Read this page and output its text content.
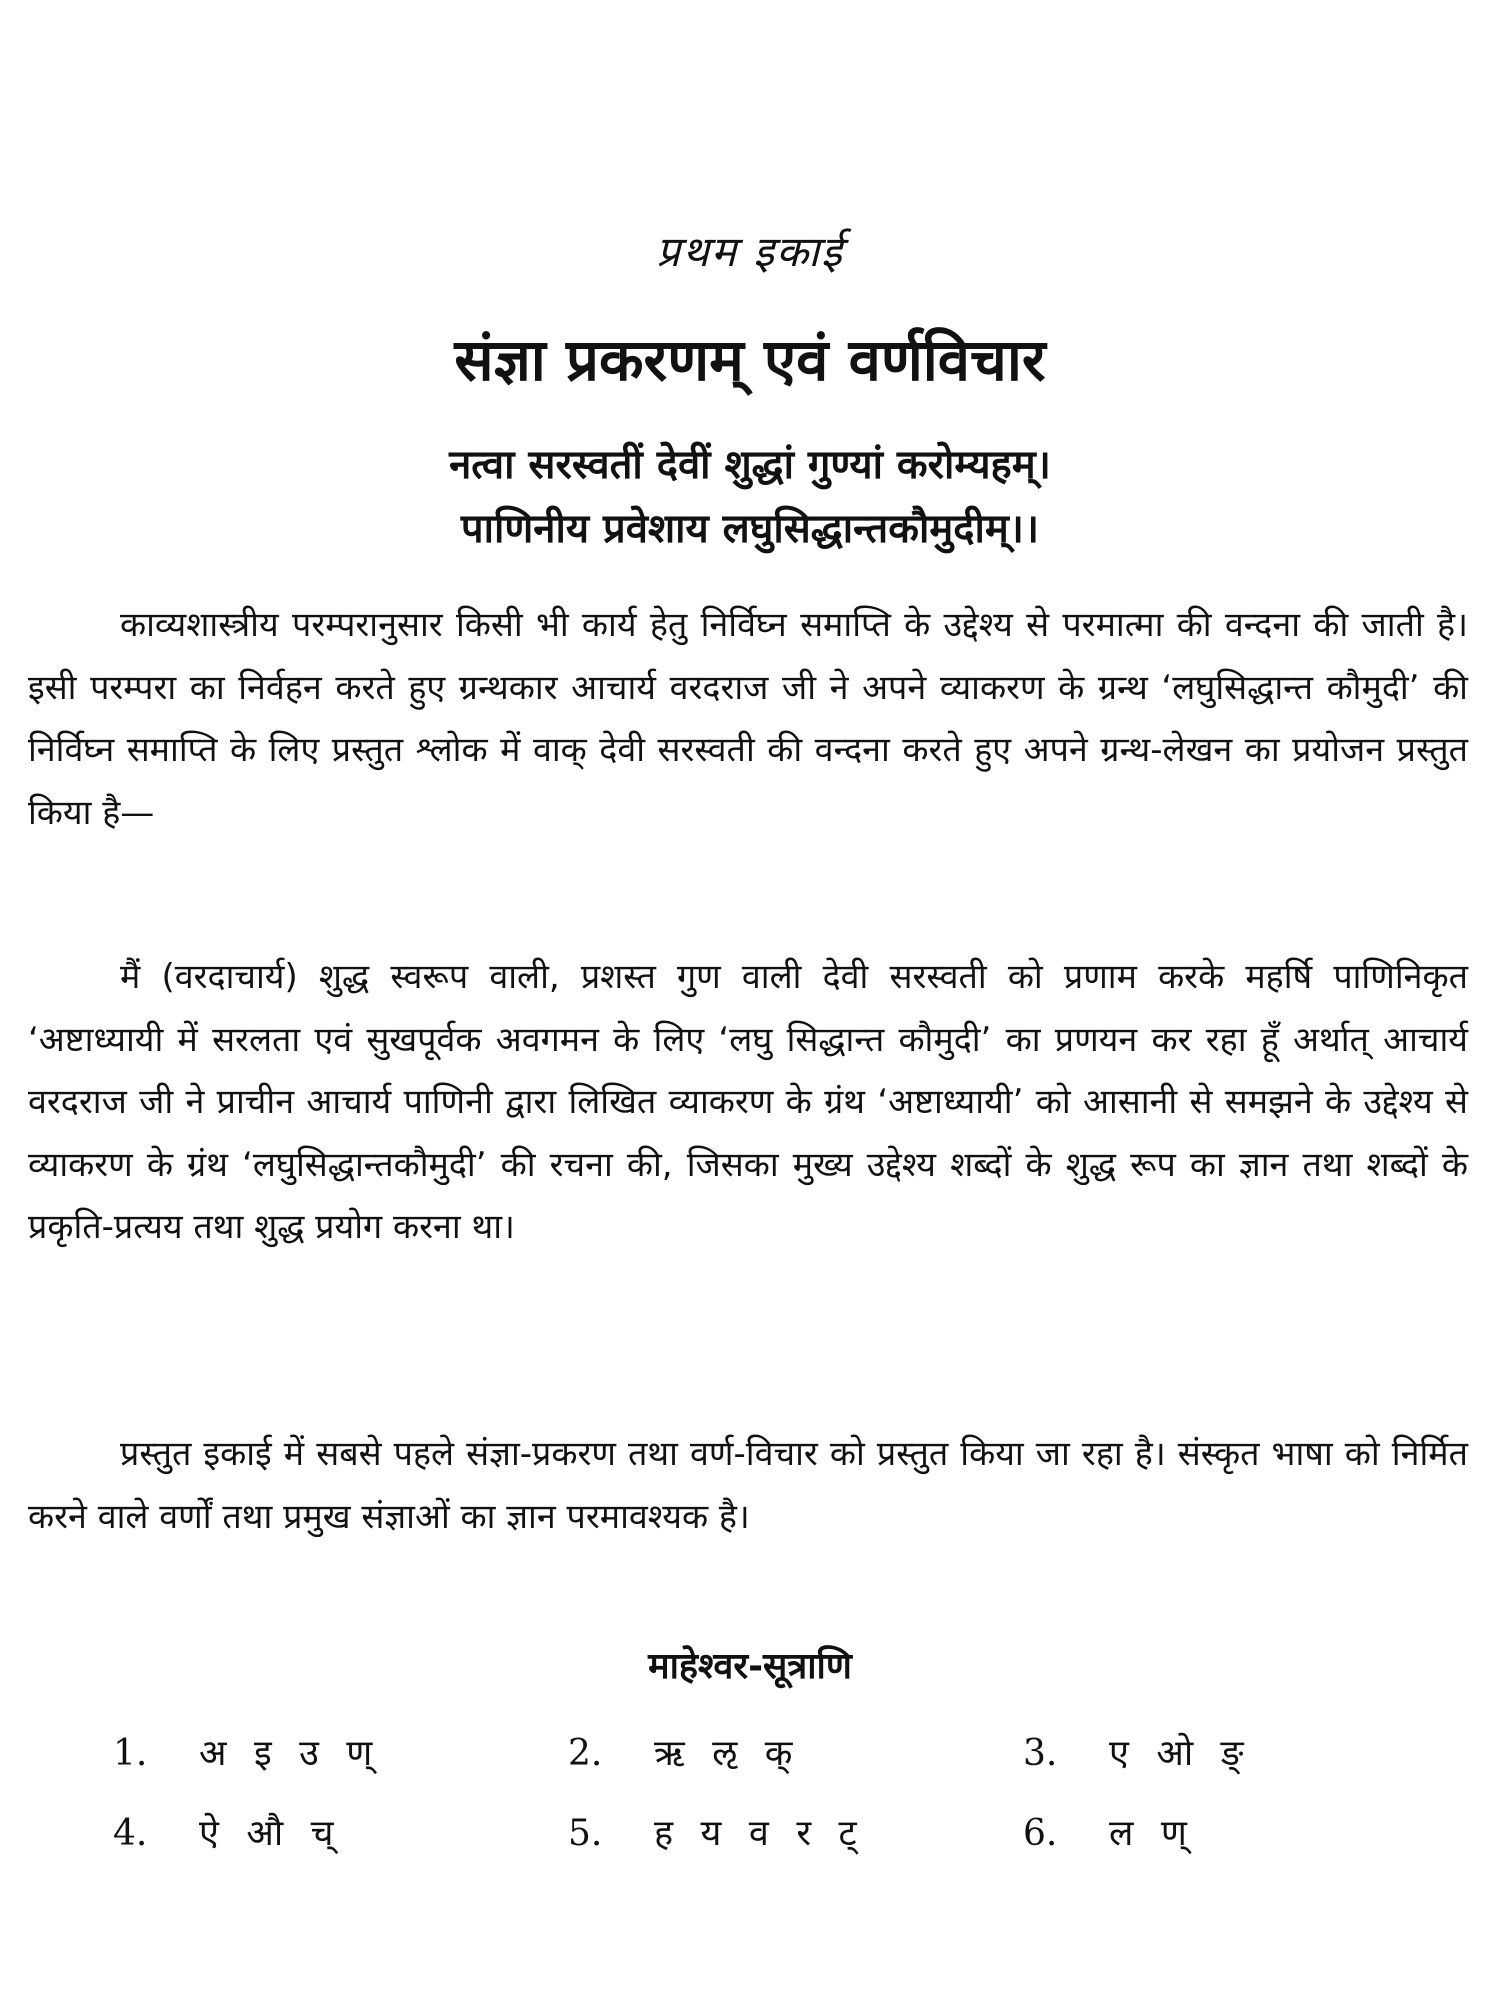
प्रथम इकाई
संज्ञा प्रकरणम् एवं वर्णविचार
नत्वा सरस्वतीं देवीं शुद्धां गुण्यां करोम्यहम्।
पाणिनीय प्रवेशाय लघुसिद्धान्तकौमुदीम्।।
काव्यशास्त्रीय परम्परानुसार किसी भी कार्य हेतु निर्विघ्न समाप्ति के उद्देश्य से परमात्मा की वन्दना की जाती है। इसी परम्परा का निर्वहन करते हुए ग्रन्थकार आचार्य वरदराज जी ने अपने व्याकरण के ग्रन्थ ‘लघुसिद्धान्त कौमुदी’ की निर्विघ्न समाप्ति के लिए प्रस्तुत श्लोक में वाक् देवी सरस्वती की वन्दना करते हुए अपने ग्रन्थ-लेखन का प्रयोजन प्रस्तुत किया है—
मैं (वरदाचार्य) शुद्ध स्वरूप वाली, प्रशस्त गुण वाली देवी सरस्वती को प्रणाम करके महर्षि पाणिनिकृत ‘अष्टाध्यायी में सरलता एवं सुखपूर्वक अवगमन के लिए ‘लघु सिद्धान्त कौमुदी’ का प्रणयन कर रहा हूँ अर्थात् आचार्य वरदराज जी ने प्राचीन आचार्य पाणिनी द्वारा लिखित व्याकरण के ग्रंथ ‘अष्टाध्यायी’ को आसानी से समझने के उद्देश्य से व्याकरण के ग्रंथ ‘लघुसिद्धान्तकौमुदी’ की रचना की, जिसका मुख्य उद्देश्य शब्दों के शुद्ध रूप का ज्ञान तथा शब्दों के प्रकृति-प्रत्यय तथा शुद्ध प्रयोग करना था।
प्रस्तुत इकाई में सबसे पहले संज्ञा-प्रकरण तथा वर्ण-विचार को प्रस्तुत किया जा रहा है। संस्कृत भाषा को निर्मित करने वाले वर्णों तथा प्रमुख संज्ञाओं का ज्ञान परमावश्यक है।
माहेश्वर-सूत्राणि
1. अ इ उ ण्	2. ऋ ऌ क्	3. ए ओ ङ्
4. ऐ औ च्	5. ह य व र ट्	6. ल ण्
